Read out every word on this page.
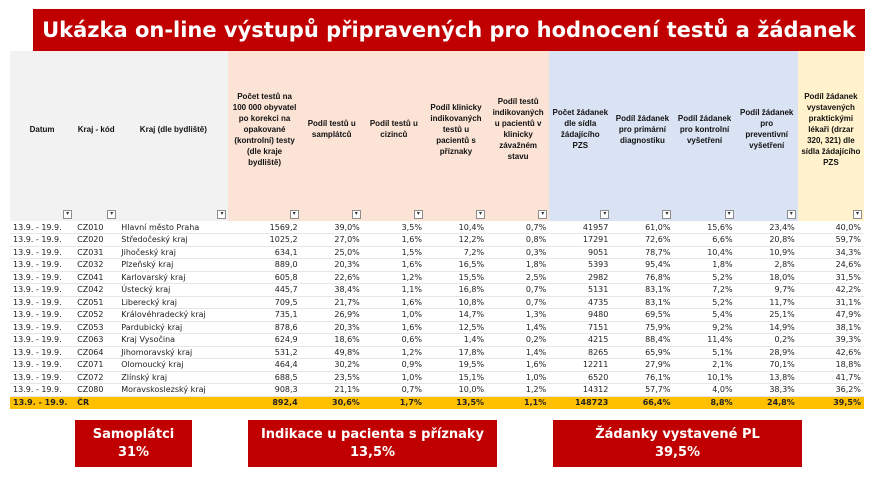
Ukázka on-line výstupů připravených pro hodnocení testů a žádanek
Datum	Kraj - kód	Kraj (dle bydliště)	Počet testů na 100 000 obyvatel po korekci na opakované (kontrolní) testy (dle kraje bydliště)	Podíl testů u samplátců	Podíl testů u cizinců	Podíl klinicky indikovaných testů u pacientů s příznaky	Podíl testů indikovaných u pacientů v klinicky závažném stavu	Počet žádanek dle sídla žádajícího PZS	Podíl žádanek pro primární diagnostiku	Podíl žádanek pro kontrolní vyšetření	Podíl žádanek pro preventivní vyšetření	Podíl žádanek vystavených praktickými lékaři (drzar 320, 321) dle sídla žádajícího PZS

▾	▾	▾	▾	▾	▾	▾	▾	▾	▾	▾	▾	▾

13.9. - 19.9.	CZ010	Hlavní město Praha	1569,2	39,0%	3,5%	10,4%	0,7%	41957	61,0%	15,6%	23,4%	40,0%
13.9. - 19.9.	CZ020	Středočeský kraj	1025,2	27,0%	1,6%	12,2%	0,8%	17291	72,6%	6,6%	20,8%	59,7%
13.9. - 19.9.	CZ031	Jihočeský kraj	634,1	25,0%	1,5%	7,2%	0,3%	9051	78,7%	10,4%	10,9%	34,3%
13.9. - 19.9.	CZ032	Plzeňský kraj	889,0	20,3%	1,6%	16,5%	1,8%	5393	95,4%	1,8%	2,8%	24,6%
13.9. - 19.9.	CZ041	Karlovarský kraj	605,8	22,6%	1,2%	15,5%	2,5%	2982	76,8%	5,2%	18,0%	31,5%
13.9. - 19.9.	CZ042	Ústecký kraj	445,7	38,4%	1,1%	16,8%	0,7%	5131	83,1%	7,2%	9,7%	42,2%
13.9. - 19.9.	CZ051	Liberecký kraj	709,5	21,7%	1,6%	10,8%	0,7%	4735	83,1%	5,2%	11,7%	31,1%
13.9. - 19.9.	CZ052	Královéhradecký kraj	735,1	26,9%	1,0%	14,7%	1,3%	9480	69,5%	5,4%	25,1%	47,9%
13.9. - 19.9.	CZ053	Pardubický kraj	878,6	20,3%	1,6%	12,5%	1,4%	7151	75,9%	9,2%	14,9%	38,1%
13.9. - 19.9.	CZ063	Kraj Vysočina	624,9	18,6%	0,6%	1,4%	0,2%	4215	88,4%	11,4%	0,2%	39,3%
13.9. - 19.9.	CZ064	Jihomoravský kraj	531,2	49,8%	1,2%	17,8%	1,4%	8265	65,9%	5,1%	28,9%	42,6%
13.9. - 19.9.	CZ071	Olomoucký kraj	464,4	30,2%	0,9%	19,5%	1,6%	12211	27,9%	2,1%	70,1%	18,8%
13.9. - 19.9.	CZ072	Zlínský kraj	688,5	23,5%	1,0%	15,1%	1,0%	6520	76,1%	10,1%	13,8%	41,7%
13.9. - 19.9.	CZ080	Moravskoslezský kraj	908,3	21,1%	0,7%	10,0%	1,2%	14312	57,7%	4,0%	38,3%	36,2%
13.9. - 19.9.	ČR		892,4	30,6%	1,7%	13,5%	1,1%	148723	66,4%	8,8%	24,8%	39,5%
Samoplátci
31%
Indikace u pacienta s příznaky
13,5%
Žádanky vystavené PL
39,5%
